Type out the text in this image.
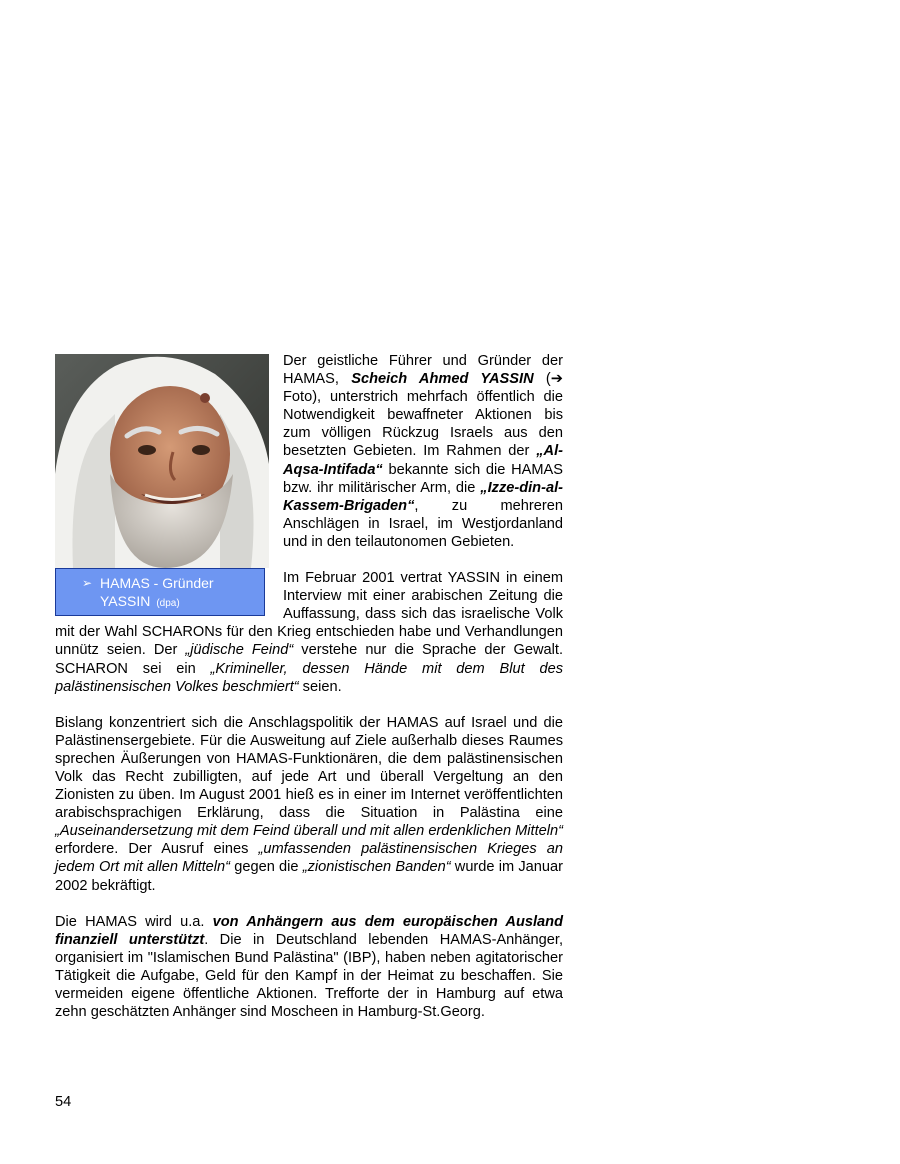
➢ HAMAS - Gründer
YASSIN (dpa)

Der geistliche Führer und Gründer der HAMAS, Scheich Ahmed YASSIN (➔ Foto), unterstrich mehrfach öffentlich die Notwendigkeit bewaffneter Aktionen bis zum völligen Rückzug Israels aus den besetzten Gebieten. Im Rahmen der „Al-Aqsa-Intifada“ bekannte sich die HAMAS bzw. ihr militärischer Arm, die „Izze-din-al-Kassem-Brigaden“, zu mehreren Anschlägen in Israel, im Westjordanland und in den teilautonomen Gebieten.

Im Februar 2001 vertrat YASSIN in einem Interview mit einer arabischen Zeitung die Auffassung, dass sich das israelische Volk mit der Wahl SCHARONs für den Krieg entschieden habe und Verhandlungen unnütz seien. Der „jüdische Feind“ verstehe nur die Sprache der Gewalt. SCHARON sei ein „Krimineller, dessen Hände mit dem Blut des palästinensischen Volkes beschmiert“ seien.

Bislang konzentriert sich die Anschlagspolitik der HAMAS auf Israel und die Palästinensergebiete. Für die Ausweitung auf Ziele außerhalb dieses Raumes sprechen Äußerungen von HAMAS-Funktionären, die dem palästinensischen Volk das Recht zubilligten, auf jede Art und überall Vergeltung an den Zionisten zu üben. Im August 2001 hieß es in einer im Internet veröffentlichten arabischsprachigen Erklärung, dass die Situation in Palästina eine „Auseinandersetzung mit dem Feind überall und mit allen erdenklichen Mitteln“ erfordere. Der Ausruf eines „umfassenden palästinensischen Krieges an jedem Ort mit allen Mitteln“ gegen die „zionistischen Banden“ wurde im Januar 2002 bekräftigt.

Die HAMAS wird u.a. von Anhängern aus dem europäischen Ausland finanziell unterstützt. Die in Deutschland lebenden HAMAS-Anhänger, organisiert im "Islamischen Bund Palästina" (IBP), haben neben agitatorischer Tätigkeit die Aufgabe, Geld für den Kampf in der Heimat zu beschaffen. Sie vermeiden eigene öffentliche Aktionen. Trefforte der in Hamburg auf etwa zehn geschätzten Anhänger sind Moscheen in Hamburg-St.Georg.

54
